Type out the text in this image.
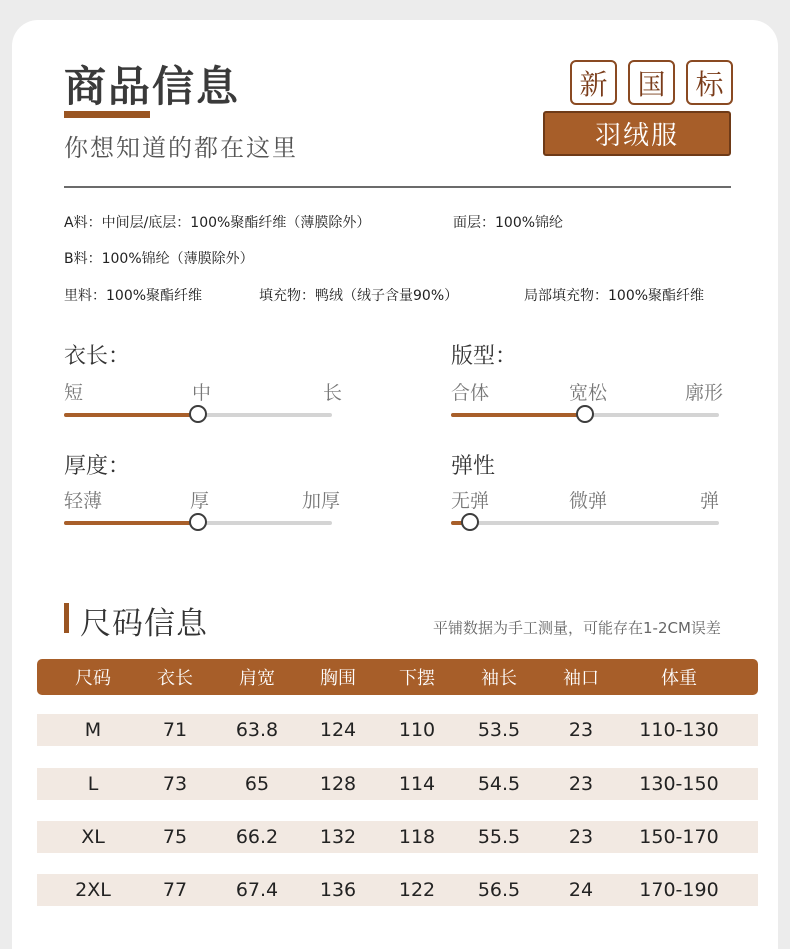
商品信息
你想知道的都在这里
新	国	标
羽绒服
A料：中间层/底层：100%聚酯纤维（薄膜除外）	面层：100%锦纶
B料：100%锦纶（薄膜除外）
里料：100%聚酯纤维	填充物：鸭绒（绒子含量90%）	局部填充物：100%聚酯纤维
衣长：
短	中	长
版型：
合体	宽松	廓形
厚度：
轻薄	厚	加厚
弹性
无弹	微弹	弹
尺码信息	平铺数据为手工测量，可能存在1-2CM误差
尺码	衣长	肩宽	胸围	下摆	袖长	袖口	体重
M	71	63.8	124	110	53.5	23	110-130
L	73	65	128	114	54.5	23	130-150
XL	75	66.2	132	118	55.5	23	150-170
2XL	77	67.4	136	122	56.5	24	170-190
